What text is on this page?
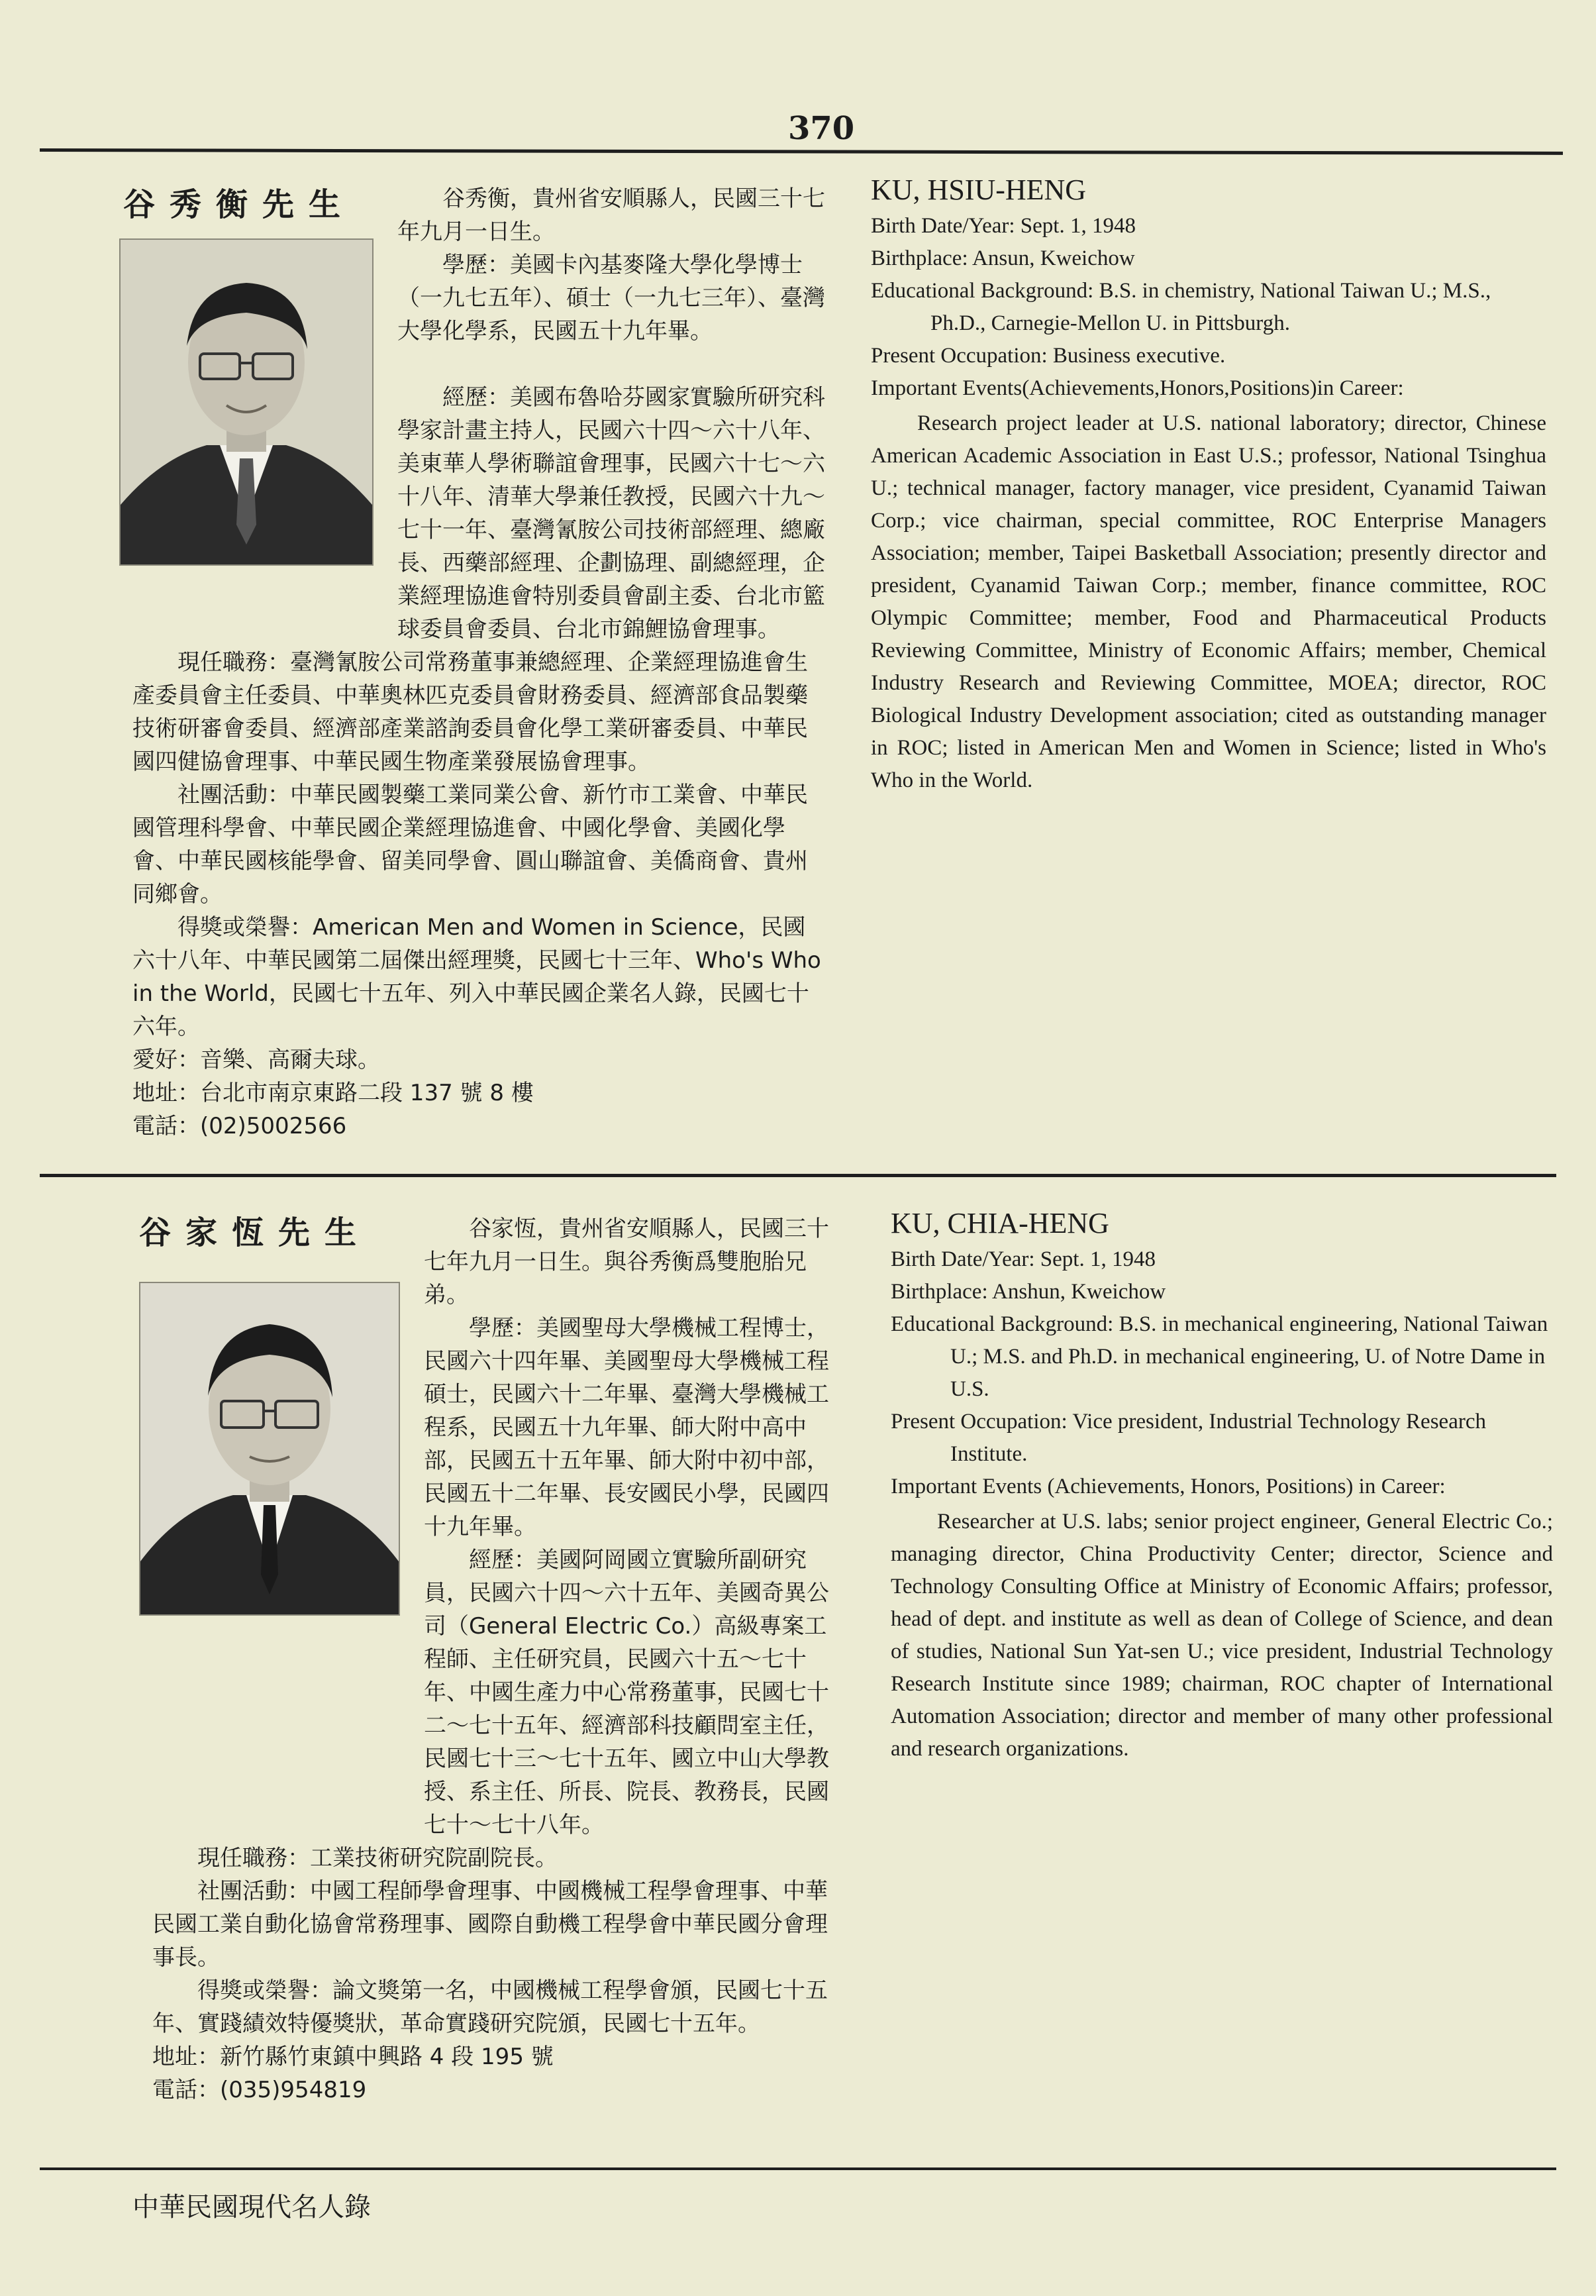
370
谷秀衡先生	谷秀衡，貴州省安順縣人，民國三十七年九月一日生。

學歷：美國卡內基麥隆大學化學博士（一九七五年）、碩士（一九七三年）、臺灣大學化學系，民國五十九年畢。

經歷：美國布魯哈芬國家實驗所研究科學家計畫主持人，民國六十四～六十八年、美東華人學術聯誼會理事，民國六十七～六十八年、清華大學兼任教授，民國六十九～七十一年、臺灣氰胺公司技術部經理、總廠長、西藥部經理、企劃協理、副總經理，企業經理協進會特別委員會副主委、台北市籃球委員會委員、台北市錦鯉協會理事。

現任職務：臺灣氰胺公司常務董事兼總經理、企業經理協進會生產委員會主任委員、中華奧林匹克委員會財務委員、經濟部食品製藥技術研審會委員、經濟部產業諮詢委員會化學工業研審委員、中華民國四健協會理事、中華民國生物產業發展協會理事。

社團活動：中華民國製藥工業同業公會、新竹市工業會、中華民國管理科學會、中華民國企業經理協進會、中國化學會、美國化學會、中華民國核能學會、留美同學會、圓山聯誼會、美僑商會、貴州同鄉會。

得獎或榮譽：American Men and Women in Science，民國六十八年、中華民國第二屆傑出經理獎，民國七十三年、Who's Who in the World，民國七十五年、列入中華民國企業名人錄，民國七十六年。

愛好：音樂、高爾夫球。

地址：台北市南京東路二段 137 號 8 樓

電話：(02)5002566

KU, HSIU-HENG

Birth Date/Year: Sept. 1, 1948

Birthplace: Ansun, Kweichow

Educational Background: B.S. in chemistry, National Taiwan U.; M.S., Ph.D., Carnegie-Mellon U. in Pittsburgh.

Present Occupation: Business executive.

Important Events(Achievements,Honors,Positions)in Career:

Research project leader at U.S. national laboratory; director, Chinese American Academic Association in East U.S.; professor, National Tsinghua U.; technical manager, factory manager, vice president, Cyanamid Taiwan Corp.; vice chairman, special committee, ROC Enterprise Managers Association; member, Taipei Basketball Association; presently director and president, Cyanamid Taiwan Corp.; member, finance committee, ROC Olympic Committee; member, Food and Pharmaceutical Products Reviewing Committee, Ministry of Economic Affairs; member, Chemical Industry Research and Reviewing Committee, MOEA; director, ROC Biological Industry Development association; cited as outstanding manager in ROC; listed in American Men and Women in Science; listed in Who's Who in the World.

谷家恆先生	谷家恆，貴州省安順縣人，民國三十七年九月一日生。與谷秀衡爲雙胞胎兄弟。

學歷：美國聖母大學機械工程博士，民國六十四年畢、美國聖母大學機械工程碩士，民國六十二年畢、臺灣大學機械工程系，民國五十九年畢、師大附中高中部，民國五十五年畢、師大附中初中部，民國五十二年畢、長安國民小學，民國四十九年畢。

經歷：美國阿岡國立實驗所副研究員，民國六十四～六十五年、美國奇異公司（General Electric Co.）高級專案工程師、主任研究員，民國六十五～七十年、中國生產力中心常務董事，民國七十二～七十五年、經濟部科技顧問室主任，民國七十三～七十五年、國立中山大學教授、系主任、所長、院長、教務長，民國七十～七十八年。

現任職務：工業技術研究院副院長。

社團活動：中國工程師學會理事、中國機械工程學會理事、中華民國工業自動化協會常務理事、國際自動機工程學會中華民國分會理事長。

得獎或榮譽：論文獎第一名，中國機械工程學會頒，民國七十五年、實踐績效特優獎狀，革命實踐研究院頒，民國七十五年。

地址：新竹縣竹東鎮中興路 4 段 195 號

電話：(035)954819

KU, CHIA-HENG

Birth Date/Year: Sept. 1, 1948

Birthplace: Anshun, Kweichow

Educational Background: B.S. in mechanical engineering, National Taiwan U.; M.S. and Ph.D. in mechanical engineering, U. of Notre Dame in U.S.

Present Occupation: Vice president, Industrial Technology Research Institute.

Important Events (Achievements, Honors, Positions) in Career:

Researcher at U.S. labs; senior project engineer, General Electric Co.; managing director, China Productivity Center; director, Science and Technology Consulting Office at Ministry of Economic Affairs; professor, head of dept. and institute as well as dean of College of Science, and dean of studies, National Sun Yat-sen U.; vice president, Industrial Technology Research Institute since 1989; chairman, ROC chapter of International Automation Association; director and member of many other professional and research organizations.

中華民國現代名人錄
